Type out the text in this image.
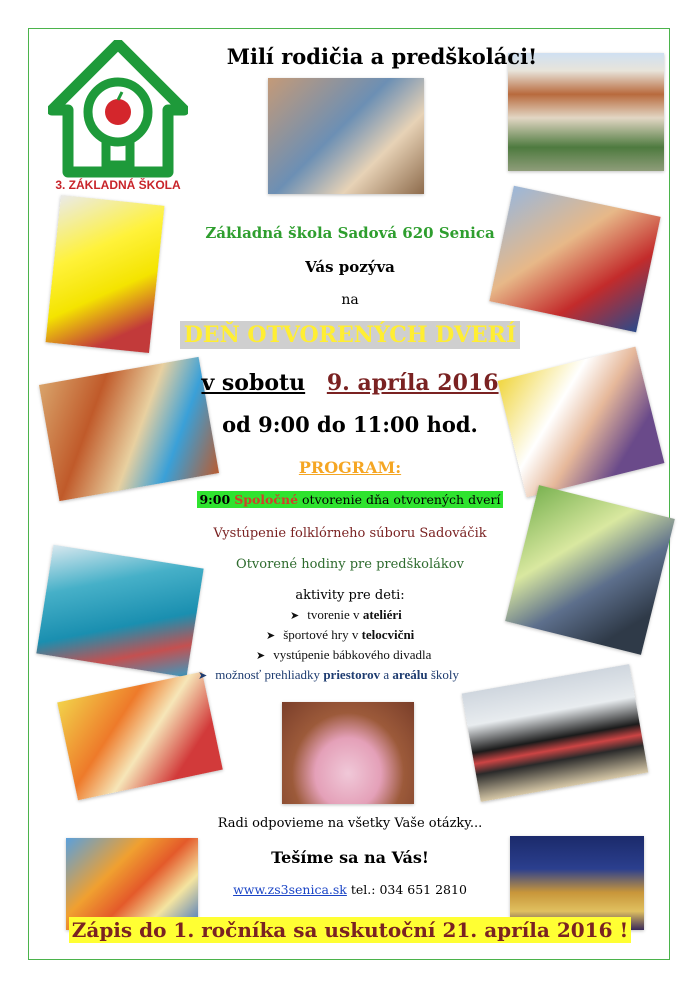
3. ZÁKLADNÁ ŠKOLA
Milí rodičia a predškoláci!
Základná škola Sadová 620 Senica
Vás pozýva
na
DEŇ OTVORENÝCH DVERÍ
v sobotu 9. apríla 2016
od 9:00 do 11:00 hod.
PROGRAM:
9:00 Spoločné otvorenie dňa otvorených dverí
Vystúpenie folklórneho súboru Sadováčik
Otvorené hodiny pre predškolákov
aktivity pre deti:
➤ tvorenie v ateliéri
➤ športové hry v telocvični
➤ vystúpenie bábkového divadla
➤ možnosť prehliadky priestorov a areálu školy
Radi odpovieme na všetky Vaše otázky...
Tešíme sa na Vás!
www.zs3senica.sk tel.: 034 651 2810
Zápis do 1. ročníka sa uskutoční 21. apríla 2016 !
